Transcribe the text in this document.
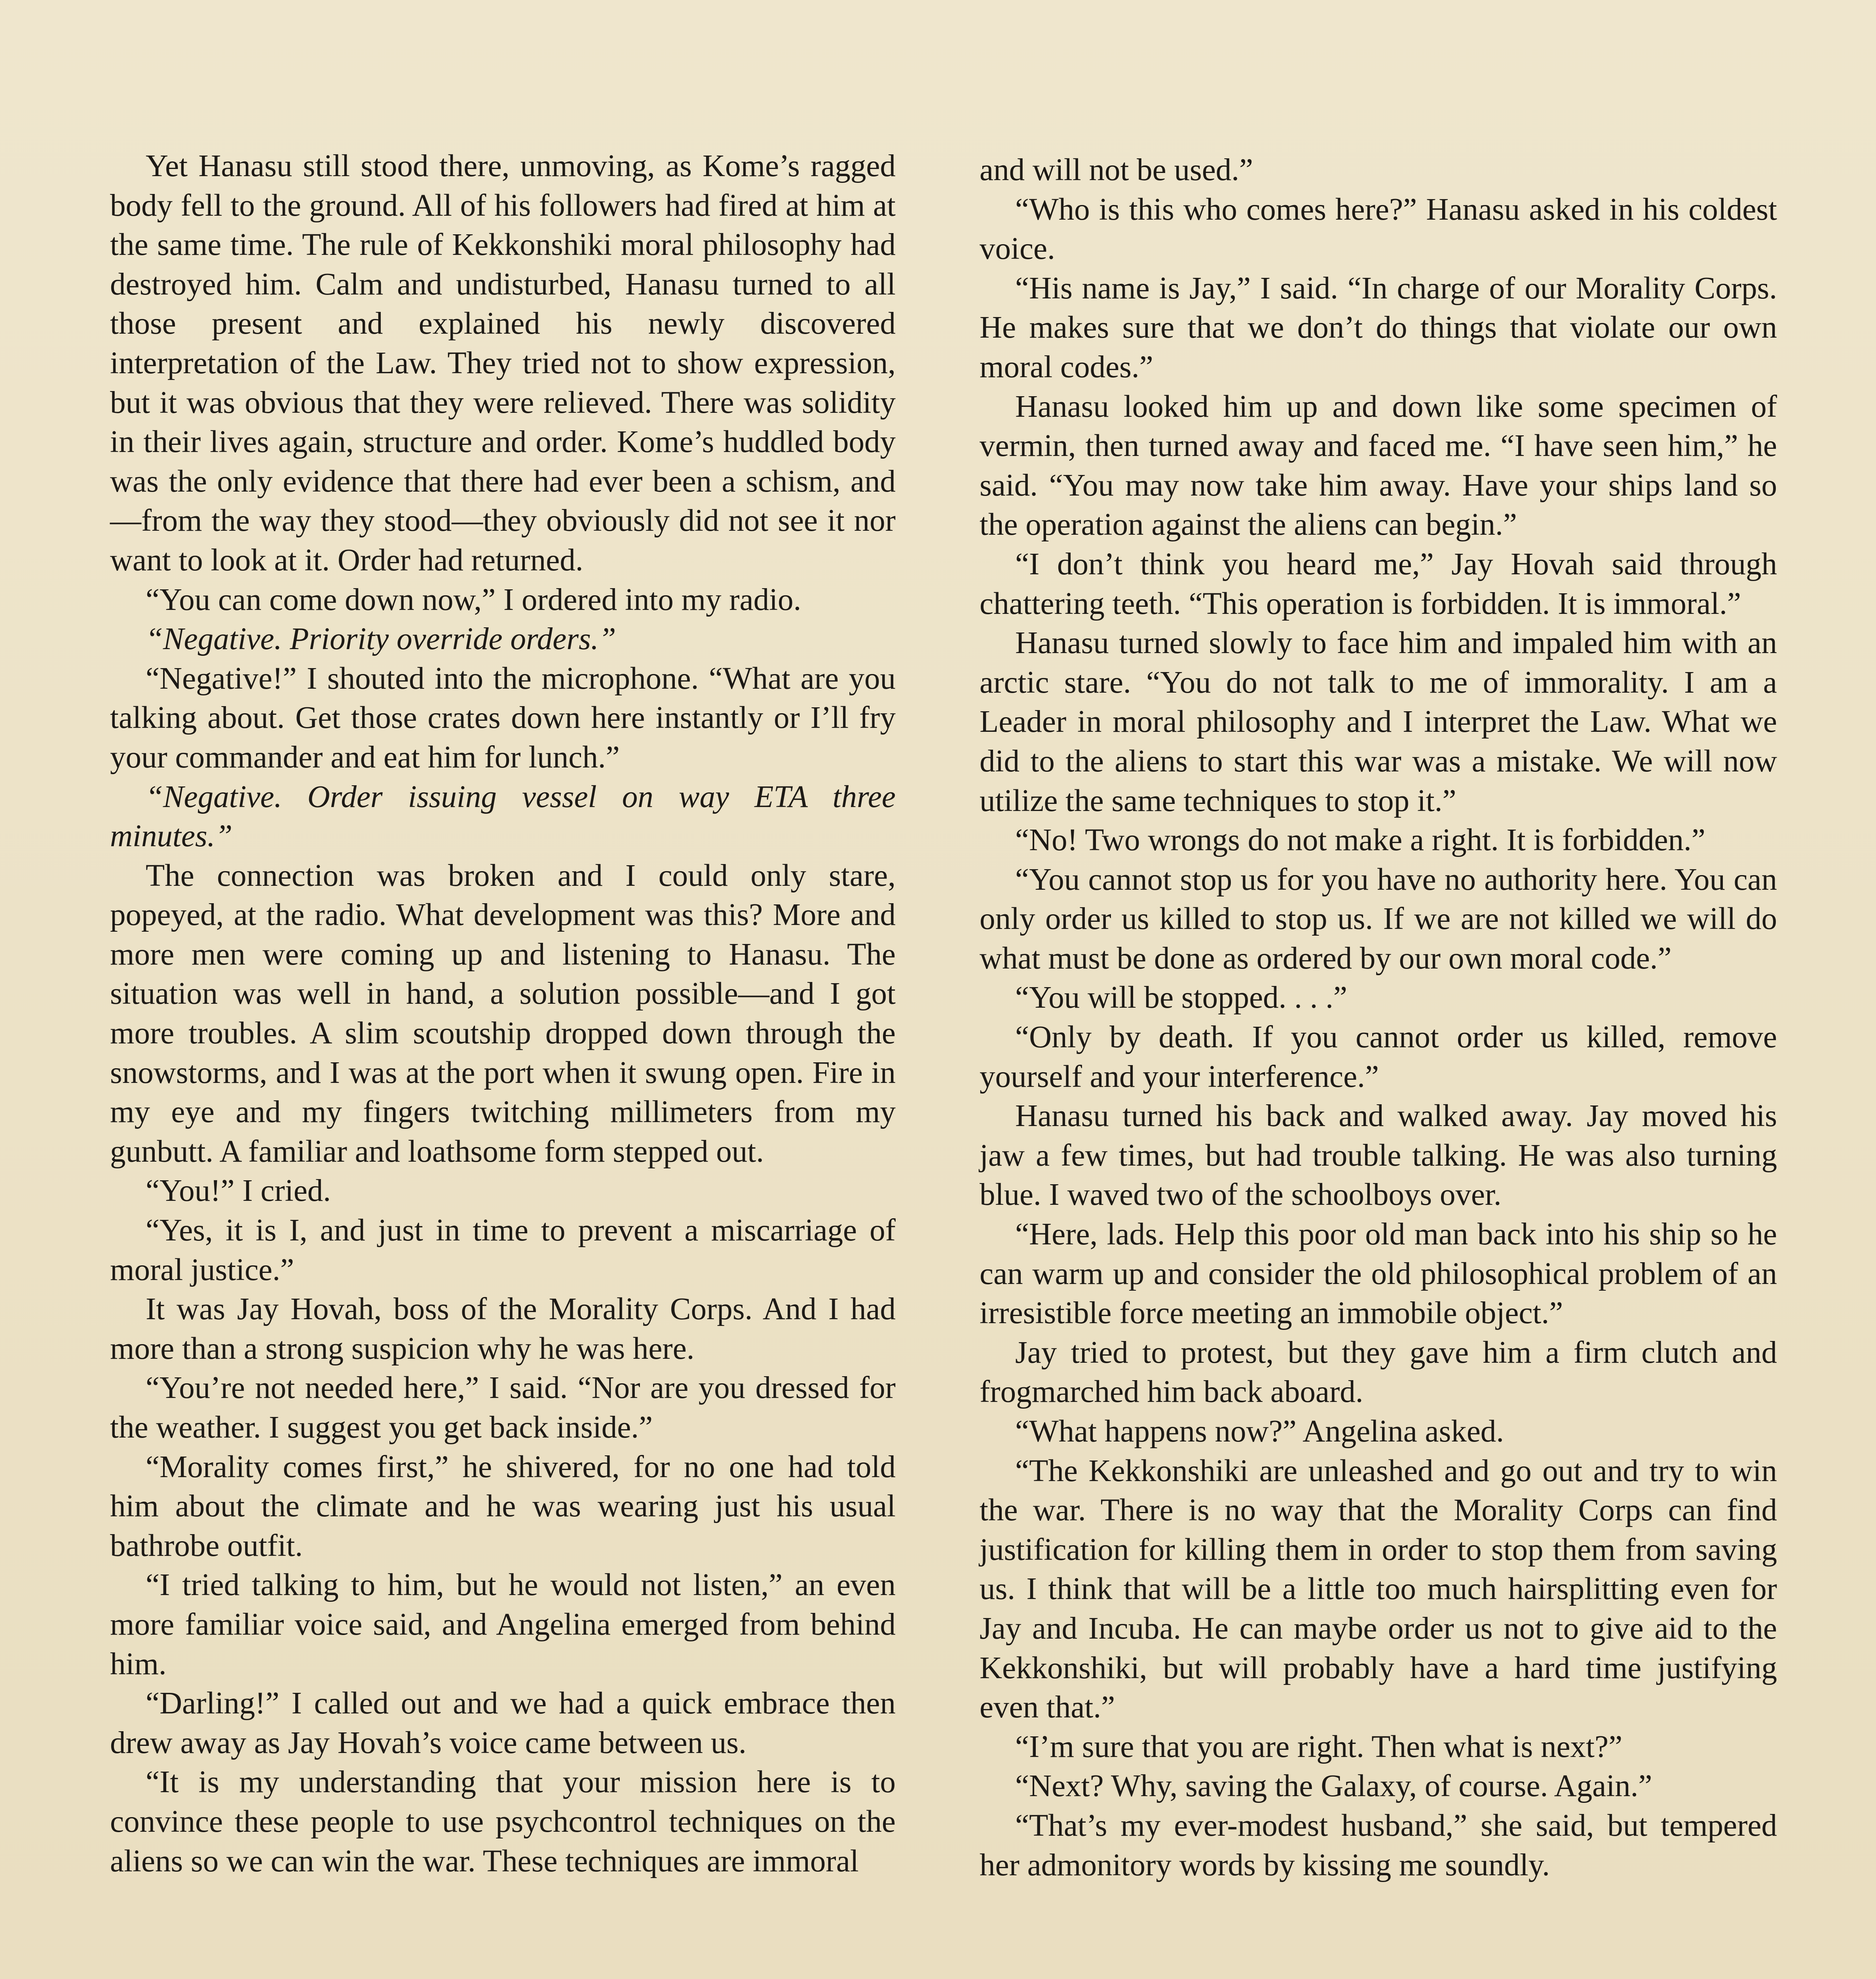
Yet Hanasu still stood there, unmoving, as Kome’s ragged body fell to the ground. All of his followers had fired at him at the same time. The rule of Kekkonshiki moral philosophy had destroyed him. Calm and undisturbed, Hanasu turned to all those present and explained his newly discovered interpretation of the Law. They tried not to show expression, but it was obvious that they were relieved. There was solidity in their lives again, structure and order. Kome’s huddled body was the only evidence that there had ever been a schism, and—from the way they stood—they obviously did not see it nor want to look at it. Order had returned.

“You can come down now,” I ordered into my radio.

“Negative. Priority override orders.”

“Negative!” I shouted into the microphone. “What are you talking about. Get those crates down here instantly or I’ll fry your commander and eat him for lunch.”

“Negative. Order issuing vessel on way ETA three minutes.”

The connection was broken and I could only stare, popeyed, at the radio. What development was this? More and more men were coming up and listening to Hanasu. The situation was well in hand, a solution possible—and I got more troubles. A slim scoutship dropped down through the snowstorms, and I was at the port when it swung open. Fire in my eye and my fingers twitching millimeters from my gunbutt. A familiar and loathsome form stepped out.

“You!” I cried.

“Yes, it is I, and just in time to prevent a miscarriage of moral justice.”

It was Jay Hovah, boss of the Morality Corps. And I had more than a strong suspicion why he was here.

“You’re not needed here,” I said. “Nor are you dressed for the weather. I suggest you get back inside.”

“Morality comes first,” he shivered, for no one had told him about the climate and he was wearing just his usual bathrobe outfit.

“I tried talking to him, but he would not listen,” an even more familiar voice said, and Angelina emerged from behind him.

“Darling!” I called out and we had a quick embrace then drew away as Jay Hovah’s voice came between us.

“It is my understanding that your mission here is to convince these people to use psychcontrol techniques on the aliens so we can win the war. These techniques are immoral

and will not be used.”

“Who is this who comes here?” Hanasu asked in his coldest voice.

“His name is Jay,” I said. “In charge of our Morality Corps. He makes sure that we don’t do things that violate our own moral codes.”

Hanasu looked him up and down like some specimen of vermin, then turned away and faced me. “I have seen him,” he said. “You may now take him away. Have your ships land so the operation against the aliens can begin.”

“I don’t think you heard me,” Jay Hovah said through chattering teeth. “This operation is forbidden. It is immoral.”

Hanasu turned slowly to face him and impaled him with an arctic stare. “You do not talk to me of immorality. I am a Leader in moral philosophy and I interpret the Law. What we did to the aliens to start this war was a mistake. We will now utilize the same techniques to stop it.”

“No! Two wrongs do not make a right. It is forbidden.”

“You cannot stop us for you have no authority here. You can only order us killed to stop us. If we are not killed we will do what must be done as ordered by our own moral code.”

“You will be stopped. . . .”

“Only by death. If you cannot order us killed, remove yourself and your interference.”

Hanasu turned his back and walked away. Jay moved his jaw a few times, but had trouble talking. He was also turning blue. I waved two of the schoolboys over.

“Here, lads. Help this poor old man back into his ship so he can warm up and consider the old philosophical problem of an irresistible force meeting an immobile object.”

Jay tried to protest, but they gave him a firm clutch and frogmarched him back aboard.

“What happens now?” Angelina asked.

“The Kekkonshiki are unleashed and go out and try to win the war. There is no way that the Morality Corps can find justification for killing them in order to stop them from saving us. I think that will be a little too much hairsplitting even for Jay and Incuba. He can maybe order us not to give aid to the Kekkonshiki, but will probably have a hard time justifying even that.”

“I’m sure that you are right. Then what is next?”

“Next? Why, saving the Galaxy, of course. Again.”

“That’s my ever-modest husband,” she said, but tempered her admonitory words by kissing me soundly.
